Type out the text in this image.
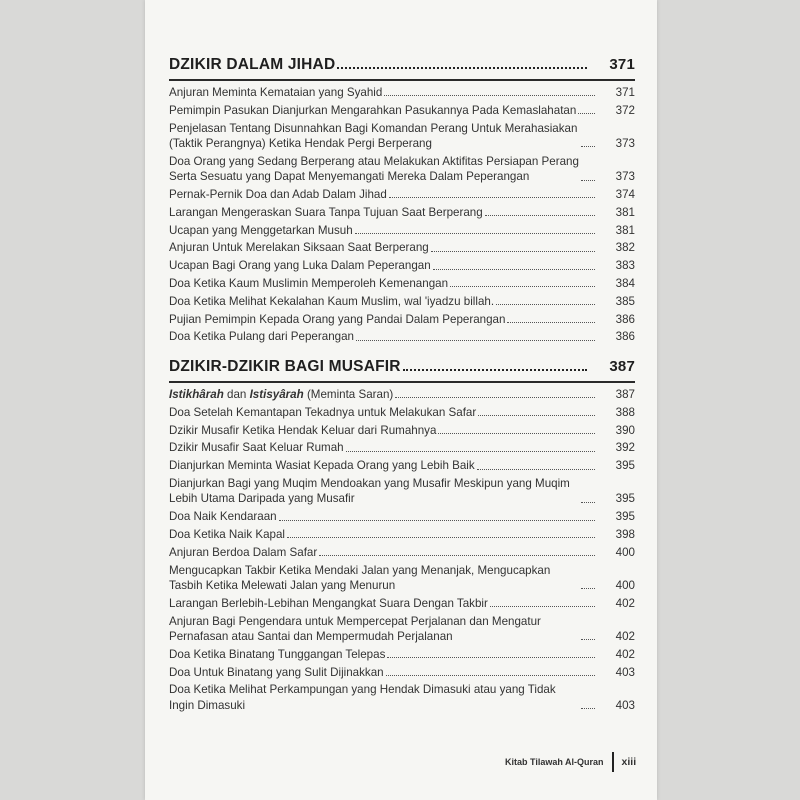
DZIKIR DALAM JIHAD	371
Anjuran Meminta Kemataian yang Syahid	371
Pemimpin Pasukan Dianjurkan Mengarahkan Pasukannya Pada Kemaslahatan	372
Penjelasan Tentang Disunnahkan Bagi Komandan Perang Untuk Merahasiakan (Taktik Perangnya) Ketika Hendak Pergi Berperang	373
Doa Orang yang Sedang Berperang atau Melakukan Aktifitas Persiapan Perang Serta Sesuatu yang Dapat Menyemangati Mereka Dalam Peperangan	373
Pernak-Pernik Doa dan Adab Dalam Jihad	374
Larangan Mengeraskan Suara Tanpa Tujuan Saat Berperang	381
Ucapan yang Menggetarkan Musuh	381
Anjuran Untuk Merelakan Siksaan Saat Berperang	382
Ucapan Bagi Orang yang Luka Dalam Peperangan	383
Doa Ketika Kaum Muslimin Memperoleh Kemenangan	384
Doa Ketika Melihat Kekalahan Kaum Muslim, wal 'iyadzu billah.	385
Pujian Pemimpin Kepada Orang yang Pandai Dalam Peperangan	386
Doa Ketika Pulang dari Peperangan	386
DZIKIR-DZIKIR BAGI MUSAFIR	387
Istikhârah dan Istisyârah (Meminta Saran)	387
Doa Setelah Kemantapan Tekadnya untuk Melakukan Safar	388
Dzikir Musafir Ketika Hendak Keluar dari Rumahnya	390
Dzikir Musafir Saat Keluar Rumah	392
Dianjurkan Meminta Wasiat Kepada Orang yang Lebih Baik	395
Dianjurkan Bagi yang Muqim Mendoakan yang Musafir Meskipun yang Muqim Lebih Utama Daripada yang Musafir	395
Doa Naik Kendaraan	395
Doa Ketika Naik Kapal	398
Anjuran Berdoa Dalam Safar	400
Mengucapkan Takbir Ketika Mendaki Jalan yang Menanjak, Mengucapkan Tasbih Ketika Melewati Jalan yang Menurun	400
Larangan Berlebih-Lebihan Mengangkat Suara Dengan Takbir	402
Anjuran Bagi Pengendara untuk Mempercepat Perjalanan dan Mengatur Pernafasan atau Santai dan Mempermudah Perjalanan	402
Doa Ketika Binatang Tunggangan Telepas	402
Doa Untuk Binatang yang Sulit Dijinakkan	403
Doa Ketika Melihat Perkampungan yang Hendak Dimasuki atau yang Tidak Ingin Dimasuki	403
Kitab Tilawah Al-Quran xiii
